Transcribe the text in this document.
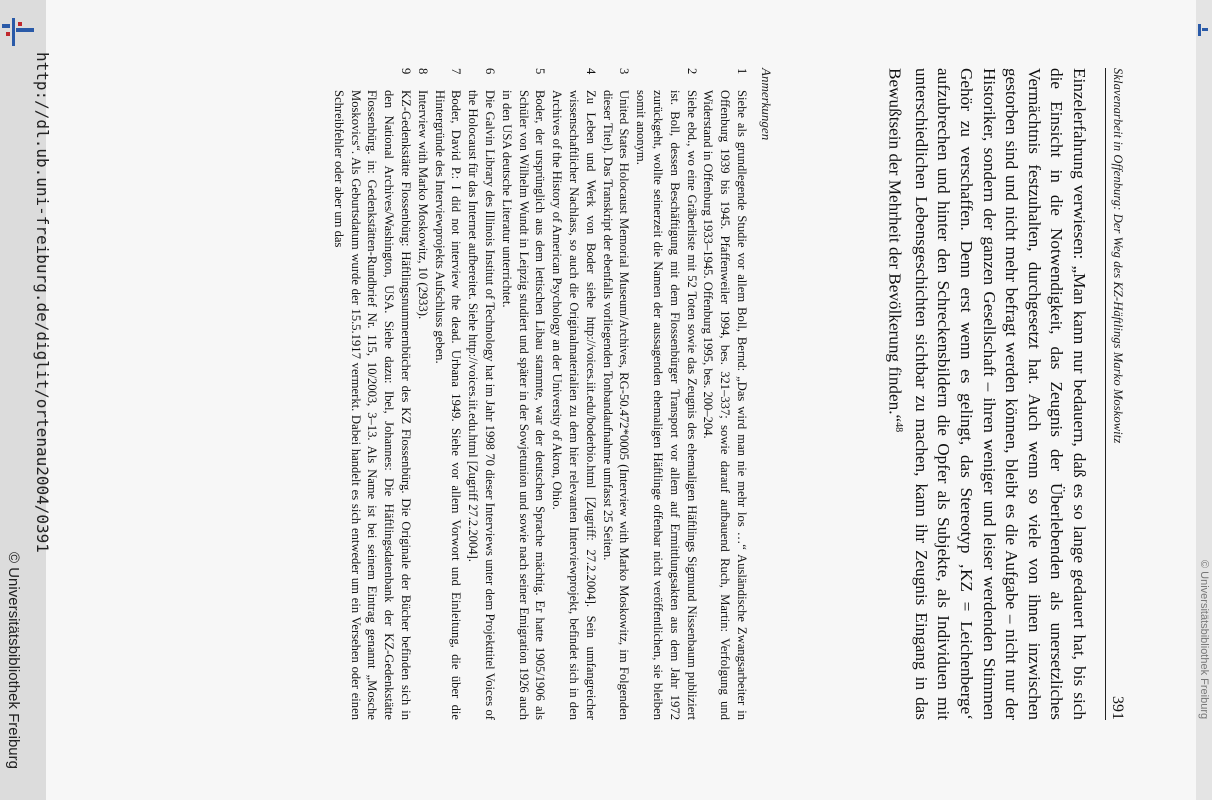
Sklavenarbeit in Offenburg: Der Weg des KZ-Häftlings Marko Moskowitz
391
Einzelerfahrung verwiesen: „Man kann nur bedauern, daß es so lange gedauert hat, bis sich die Einsicht in die Notwendigkeit, das Zeugnis der Überlebenden als unersetzliches Vermächtnis festzuhalten, durchgesetzt hat. Auch wenn so viele von ihnen inzwischen gestorben sind und nicht mehr befragt werden können, bleibt es die Aufgabe – nicht nur der Historiker, sondern der ganzen Gesellschaft – ihren weniger und leiser werdenden Stimmen Gehör zu verschaffen. Denn erst wenn es gelingt, das Stereotyp ‚KZ = Leichenberge‘ aufzubrechen und hinter den Schreckensbildern die Opfer als Subjekte, als Individuen mit unterschiedlichen Lebensgeschichten sichtbar zu machen, kann ihr Zeugnis Eingang in das Bewußtsein der Mehrheit der Bevölkerung finden.“$^{48}$
Anmerkungen
1
Siehe als grundlegende Studie vor allem Boll, Bernd: „Das wird man nie mehr los …“ Ausländische Zwangsarbeiter in Offenburg 1939 bis 1945. Pfaffenweiler 1994, bes. 321–337; sowie darauf aufbauend Ruch, Martin: Verfolgung und Widerstand in Offenburg 1933–1945. Offenburg 1995, bes. 200–204.
2
Siehe ebd., wo eine Gräberliste mit 52 Toten sowie das Zeugnis des ehemaligen Häftlings Sigmund Nissenbaum publiziert ist. Boll, dessen Beschäftigung mit dem Flossenbürger Transport vor allem auf Ermittlungsakten aus dem Jahr 1972 zurückgeht, wollte seinerzeit die Namen der aussagenden ehemaligen Häftlinge offenbar nicht veröffentlichen, sie bleiben somit anonym.
3
United States Holocaust Memorial Museum/Archives, RG-50.472*0005 (Interview with Marko Moskowitz, im Folgenden dieser Titel). Das Transkript der ebenfalls vorliegenden Tonbandaufnahme umfasst 25 Seiten.
4
Zu Leben und Werk von Boder siehe http://voices.iit.edu/boderbio.html [Zugriff: 27.2.2004]. Sein umfangreicher wissenschaftlicher Nachlass, so auch die Originalmaterialien zu dem hier relevanten Interviewprojekt, befindet sich in den Archives of the History of American Psychology an der University of Akron, Ohio.
5
Boder, der ursprünglich aus dem lettischen Libau stammte, war der deutschen Sprache mächtig. Er hatte 1905/1906 als Schüler von Wilhelm Wundt in Leipzig studiert und später in der Sowjetunion und sowie nach seiner Emigration 1926 auch in den USA deutsche Literatur unterrichtet.
6
Die Galvin Library des Illinois Institut of Technology hat im Jahr 1998 70 dieser Interviews unter dem Projekttitel Voices of the Holocaust für das Internet aufbereitet. Siehe http://voices.iit.edu.html [Zugriff 27.2.2004].
7
Boder, David P.: I did not interview the dead. Urbana 1949. Siehe vor allem Vorwort und Einleitung, die über die Hintergründe des Interviewprojekts Aufschluss geben.
8
Interview with Marko Moskowitz, 10 (2933).
9
KZ-Gedenkstätte Flossenbürg: Häftlingsnummernbücher des KZ Flossenbürg. Die Originale der Bücher befinden sich in den National Archives/Washington, USA. Siehe dazu: Ibel, Johannes: Die Häftlingsdatenbank der KZ-Gedenkstätte Flossenbürg. in: Gedenkstätten-Rundbrief Nr. 115, 10/2003, 3–13. Als Name ist bei seinem Eintrag genannt „Mosche Moskovics“. Als Geburtsdatum wurde der 15.5.1917 vermerkt. Dabei handelt es sich entweder um ein Versehen oder einen Schreibfehler oder aber um das
http://dl.ub.uni-freiburg.de/diglit/ortenau2004/0391
© Universitätsbibliothek Freiburg	© Universitätsbibliothek Freiburg
